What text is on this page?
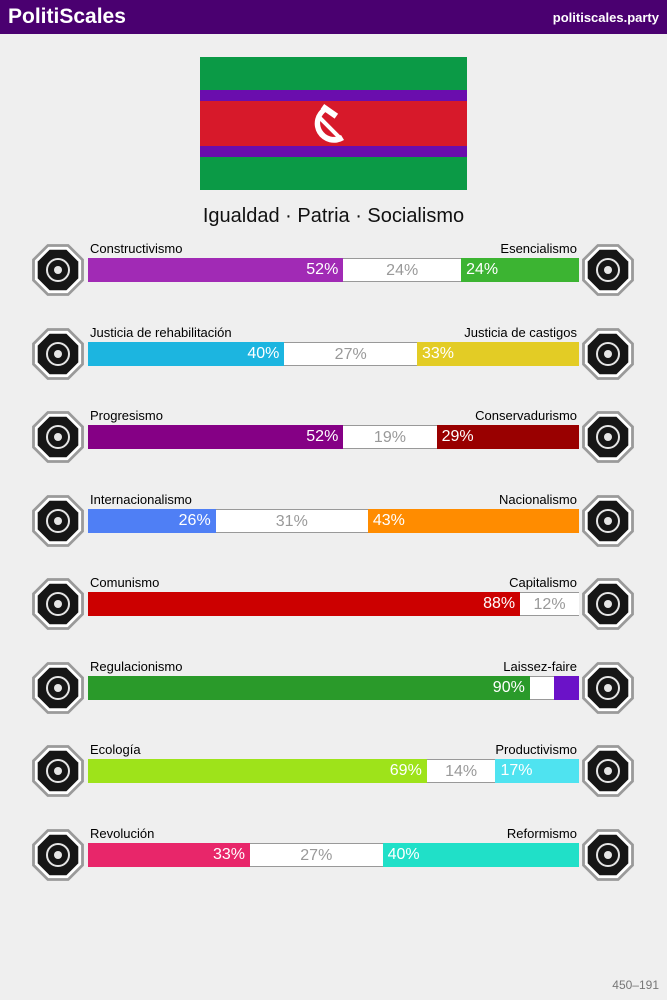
PolitiScales	politiscales.party
Igualdad · Patria · Socialismo
Constructivismo	Esencialismo
52%	24%	24%
Justicia de rehabilitación	Justicia de castigos
40%	27%	33%
Progresismo	Conservadurismo
52%	19%	29%
Internacionalismo	Nacionalismo
26%	31%	43%
Comunismo	Capitalismo
88%	12%
Regulacionismo	Laissez-faire
90%
Ecología	Productivismo
69%	14%	17%
Revolución	Reformismo
33%	27%	40%
450–191
